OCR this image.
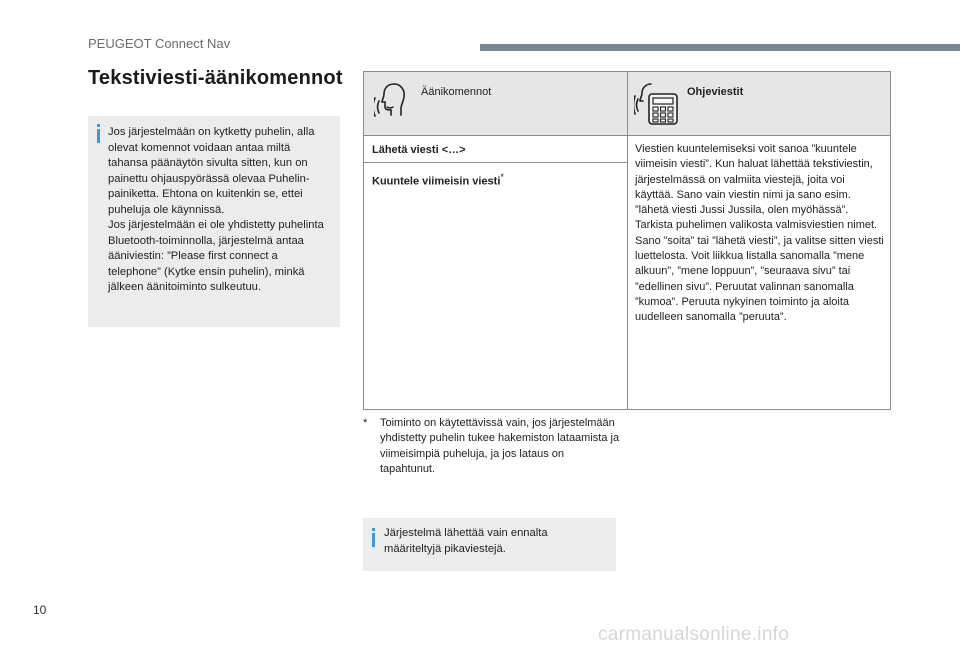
PEUGEOT Connect Nav
Tekstiviesti-äänikomennot
Jos järjestelmään on kytketty puhelin, alla olevat komennot voidaan antaa miltä tahansa päänäytön sivulta sitten, kun on painettu ohjauspyörässä olevaa Puhelin-painiketta. Ehtona on kuitenkin se, ettei puheluja ole käynnissä.
Jos järjestelmään ei ole yhdistetty puhelinta Bluetooth-toiminnolla, järjestelmä antaa ääniviestin: ”Please first connect a telephone” (Kytke ensin puhelin), minkä jälkeen äänitoiminto sulkeutuu.
Äänikomennot	Ohjeviestit
Lähetä viesti <…>
Kuuntele viimeisin viesti*
Viestien kuuntelemiseksi voit sanoa ”kuuntele viimeisin viesti”. Kun haluat lähettää tekstiviestin, järjestelmässä on valmiita viestejä, joita voi käyttää. Sano vain viestin nimi ja sano esim. ”lähetä viesti Jussi Jussila, olen myöhässä”. Tarkista puhelimen valikosta valmisviestien nimet.
Sano ”soita” tai ”lähetä viesti”, ja valitse sitten viesti luettelosta. Voit liikkua listalla sanomalla ”mene alkuun”, ”mene loppuun”, ”seuraava sivu” tai ”edellinen sivu”. Peruutat valinnan sanomalla ”kumoa”. Peruuta nykyinen toiminto ja aloita uudelleen sanomalla ”peruuta”.
* Toiminto on käytettävissä vain, jos järjestelmään yhdistetty puhelin tukee hakemiston lataamista ja viimeisimpiä puheluja, ja jos lataus on tapahtunut.
Järjestelmä lähettää vain ennalta määriteltyjä pikaviestejä.
10
carmanualsonline.info
